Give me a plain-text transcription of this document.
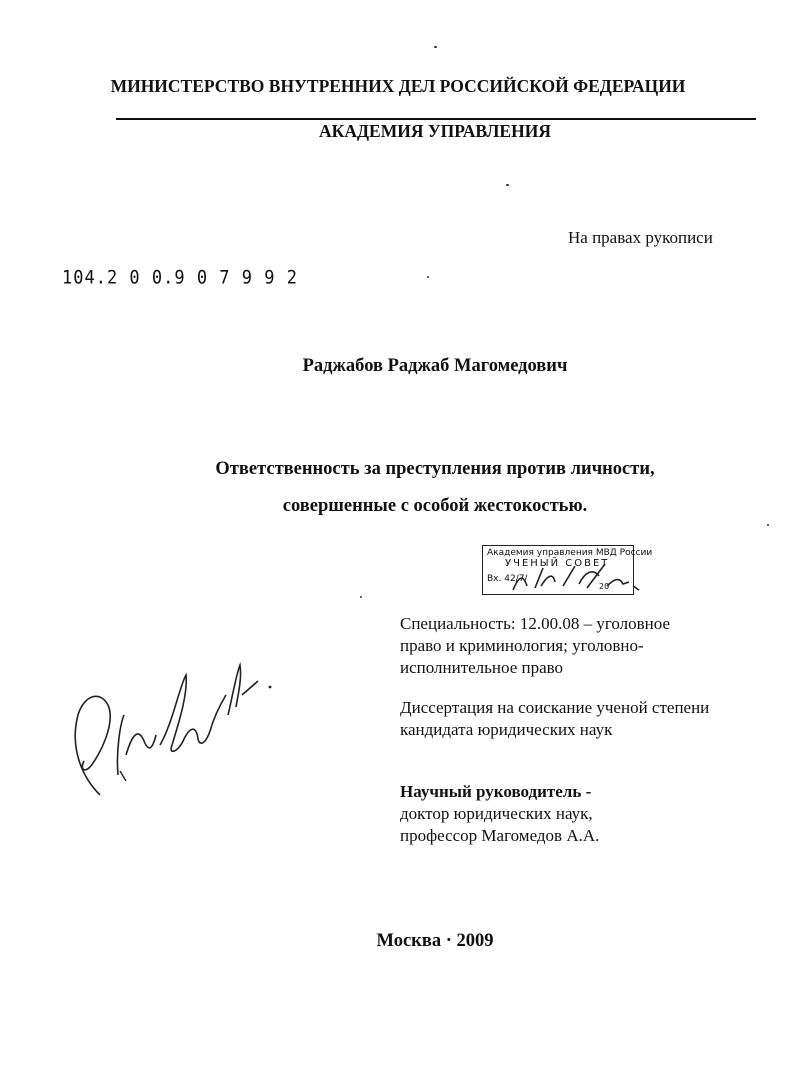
МИНИСТЕРСТВО ВНУТРЕННИХ ДЕЛ РОССИЙСКОЙ ФЕДЕРАЦИИ
АКАДЕМИЯ УПРАВЛЕНИЯ
На правах рукописи
104.2 0 0.9 0 7 9 9 2
Раджабов Раджаб Магомедович
Ответственность за преступления против личности,
совершенные с особой жестокостью.
Академия управления МВД России
УЧЕНЫЙ СОВЕТ
Вх. 42/7/
20
Специальность: 12.00.08 – уголовное
право и криминология; уголовно-
исполнительное право
Диссертация на соискание ученой степени
кандидата юридических наук
Научный руководитель -
доктор юридических наук,
профессор Магомедов А.А.
Москва · 2009
